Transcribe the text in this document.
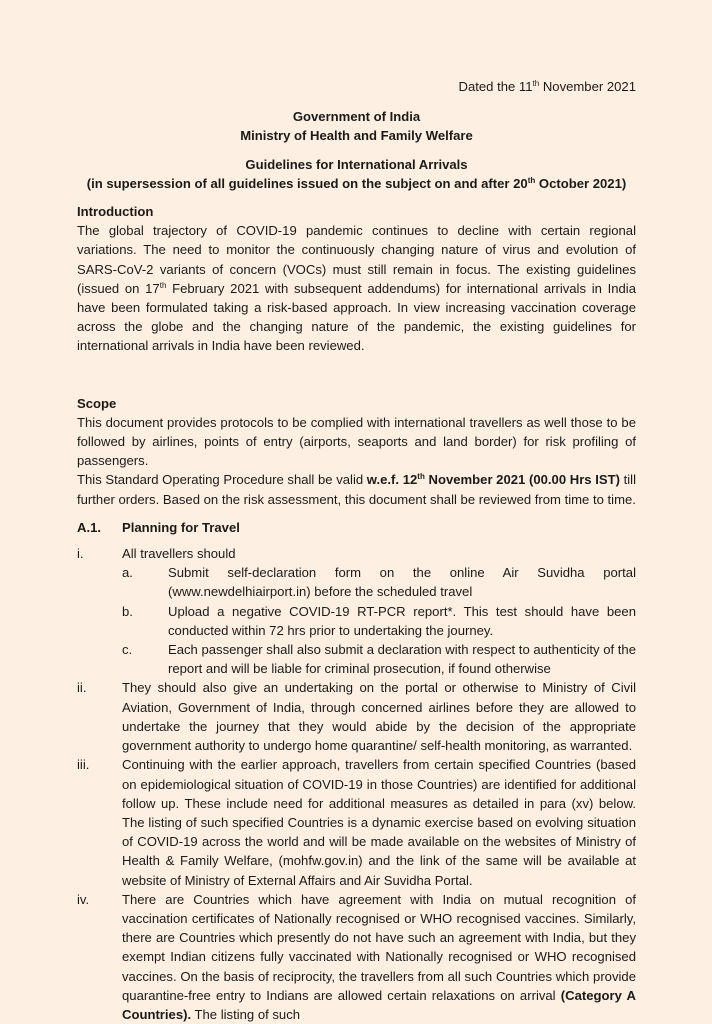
Dated the 11th November 2021

Government of India

Ministry of Health and Family Welfare

Guidelines for International Arrivals

(in supersession of all guidelines issued on the subject on and after 20th October 2021)

Introduction

The global trajectory of COVID-19 pandemic continues to decline with certain regional variations. The need to monitor the continuously changing nature of virus and evolution of SARS-CoV-2 variants of concern (VOCs) must still remain in focus. The existing guidelines (issued on 17th February 2021 with subsequent addendums) for international arrivals in India have been formulated taking a risk-based approach. In view increasing vaccination coverage across the globe and the changing nature of the pandemic, the existing guidelines for international arrivals in India have been reviewed.

Scope

This document provides protocols to be complied with international travellers as well those to be followed by airlines, points of entry (airports, seaports and land border) for risk profiling of passengers.

This Standard Operating Procedure shall be valid w.e.f. 12th November 2021 (00.00 Hrs IST) till further orders. Based on the risk assessment, this document shall be reviewed from time to time.

A.1.	Planning for Travel
i.	All travellers should
a.	Submit self-declaration form on the online Air Suvidha portal (www.newdelhiairport.in) before the scheduled travel
b.	Upload a negative COVID-19 RT-PCR report*. This test should have been conducted within 72 hrs prior to undertaking the journey.
c.	Each passenger shall also submit a declaration with respect to authenticity of the report and will be liable for criminal prosecution, if found otherwise
ii.	They should also give an undertaking on the portal or otherwise to Ministry of Civil Aviation, Government of India, through concerned airlines before they are allowed to undertake the journey that they would abide by the decision of the appropriate government authority to undergo home quarantine/ self-health monitoring, as warranted.
iii.	Continuing with the earlier approach, travellers from certain specified Countries (based on epidemiological situation of COVID-19 in those Countries) are identified for additional follow up. These include need for additional measures as detailed in para (xv) below. The listing of such specified Countries is a dynamic exercise based on evolving situation of COVID-19 across the world and will be made available on the websites of Ministry of Health & Family Welfare, (mohfw.gov.in) and the link of the same will be available at website of Ministry of External Affairs and Air Suvidha Portal.
iv.	There are Countries which have agreement with India on mutual recognition of vaccination certificates of Nationally recognised or WHO recognised vaccines. Similarly, there are Countries which presently do not have such an agreement with India, but they exempt Indian citizens fully vaccinated with Nationally recognised or WHO recognised vaccines. On the basis of reciprocity, the travellers from all such Countries which provide quarantine-free entry to Indians are allowed certain relaxations on arrival (Category A Countries). The listing of such
